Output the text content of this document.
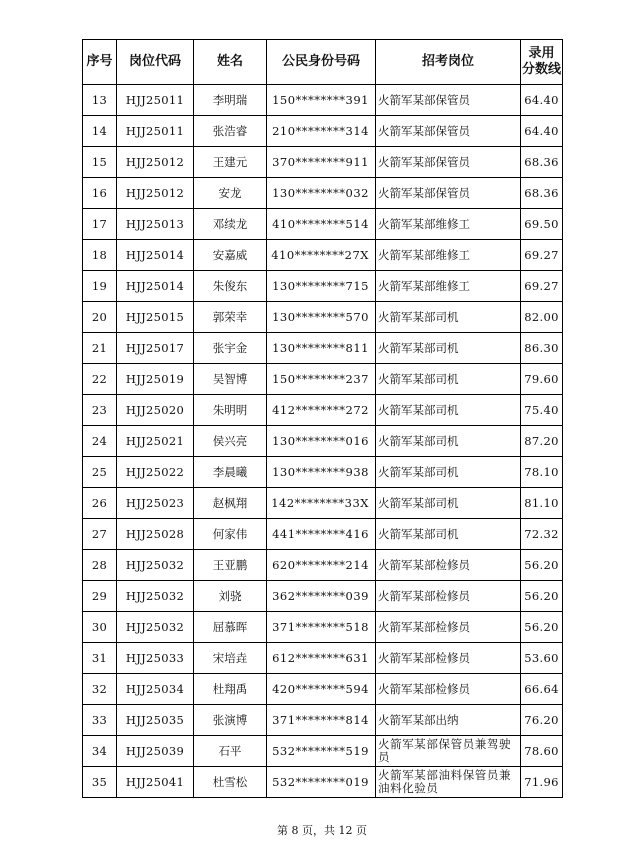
序号	岗位代码	姓名	公民身份号码	招考岗位	录用
分数线

13	HJJ25011	李明瑞	150********391	火箭军某部保管员	64.40
14	HJJ25011	张浩睿	210********314	火箭军某部保管员	64.40
15	HJJ25012	王建元	370********911	火箭军某部保管员	68.36
16	HJJ25012	安龙	130********032	火箭军某部保管员	68.36
17	HJJ25013	邓续龙	410********514	火箭军某部维修工	69.50
18	HJJ25014	安嘉威	410********27X	火箭军某部维修工	69.27
19	HJJ25014	朱俊东	130********715	火箭军某部维修工	69.27
20	HJJ25015	郭荣幸	130********570	火箭军某部司机	82.00
21	HJJ25017	张宇金	130********811	火箭军某部司机	86.30
22	HJJ25019	吴智博	150********237	火箭军某部司机	79.60
23	HJJ25020	朱明明	412********272	火箭军某部司机	75.40
24	HJJ25021	侯兴亮	130********016	火箭军某部司机	87.20
25	HJJ25022	李晨曦	130********938	火箭军某部司机	78.10
26	HJJ25023	赵枫翔	142********33X	火箭军某部司机	81.10
27	HJJ25028	何家伟	441********416	火箭军某部司机	72.32
28	HJJ25032	王亚鹏	620********214	火箭军某部检修员	56.20
29	HJJ25032	刘骁	362********039	火箭军某部检修员	56.20
30	HJJ25032	屈慕晖	371********518	火箭军某部检修员	56.20
31	HJJ25033	宋培垚	612********631	火箭军某部检修员	53.60
32	HJJ25034	杜翔禹	420********594	火箭军某部检修员	66.64
33	HJJ25035	张演博	371********814	火箭军某部出纳	76.20
34	HJJ25039	石平	532********519	火箭军某部保管员兼驾驶员	78.60
35	HJJ25041	杜雪松	532********019	火箭军某部油料保管员兼油料化验员	71.96
第 8 页，共 12 页
